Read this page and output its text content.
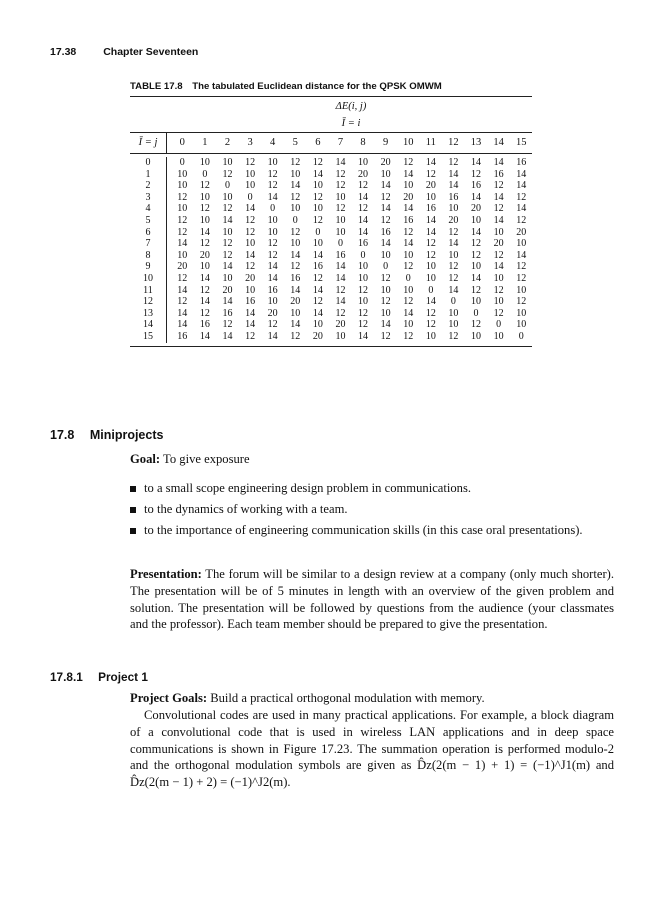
17.38	Chapter Seventeen
TABLE 17.8 The tabulated Euclidean distance for the QPSK OMWM
ΔE(i, j)
Ī = i
Ī = j	0	1	2	3	4	5	6	7	8	9	10	11	12	13	14	15
0	0	10	10	12	10	12	12	14	10	20	12	14	12	14	14	16
1	10	0	12	10	12	10	14	12	20	10	14	12	14	12	16	14
2	10	12	0	10	12	14	10	12	12	14	10	20	14	16	12	14
3	12	10	10	0	14	12	12	10	14	12	20	10	16	14	14	12
4	10	12	12	14	0	10	10	12	12	14	14	16	10	20	12	14
5	12	10	14	12	10	0	12	10	14	12	16	14	20	10	14	12
6	12	14	10	12	10	12	0	10	14	16	12	14	12	14	10	20
7	14	12	12	10	12	10	10	0	16	14	14	12	14	12	20	10
8	10	20	12	14	12	14	14	16	0	10	10	12	10	12	12	14
9	20	10	14	12	14	12	16	14	10	0	12	10	12	10	14	12
10	12	14	10	20	14	16	12	14	10	12	0	10	12	14	10	12
11	14	12	20	10	16	14	14	12	12	10	10	0	14	12	12	10
12	12	14	14	16	10	20	12	14	10	12	12	14	0	10	10	12
13	14	12	16	14	20	10	14	12	12	10	14	12	10	0	12	10
14	14	16	12	14	12	14	10	20	12	14	10	12	10	12	0	10
15	16	14	14	12	14	12	20	10	14	12	12	10	12	10	10	0
17.8 Miniprojects
Goal: To give exposure
to a small scope engineering design problem in communications.
to the dynamics of working with a team.
to the importance of engineering communication skills (in this case oral presentations).
Presentation: The forum will be similar to a design review at a company (only much shorter). The presentation will be of 5 minutes in length with an overview of the given problem and solution. The presentation will be followed by questions from the audience (your classmates and the professor). Each team member should be prepared to give the presentation.
17.8.1 Project 1
Project Goals: Build a practical orthogonal modulation with memory.
Convolutional codes are used in many practical applications. For example, a block diagram of a convolutional code that is used in wireless LAN applications and in deep space communications is shown in Figure 17.23. The summation operation is performed modulo-2 and the orthogonal modulation symbols are given as D̂z(2(m − 1) + 1) = (−1)^J1(m) and D̂z(2(m − 1) + 2) = (−1)^J2(m).
